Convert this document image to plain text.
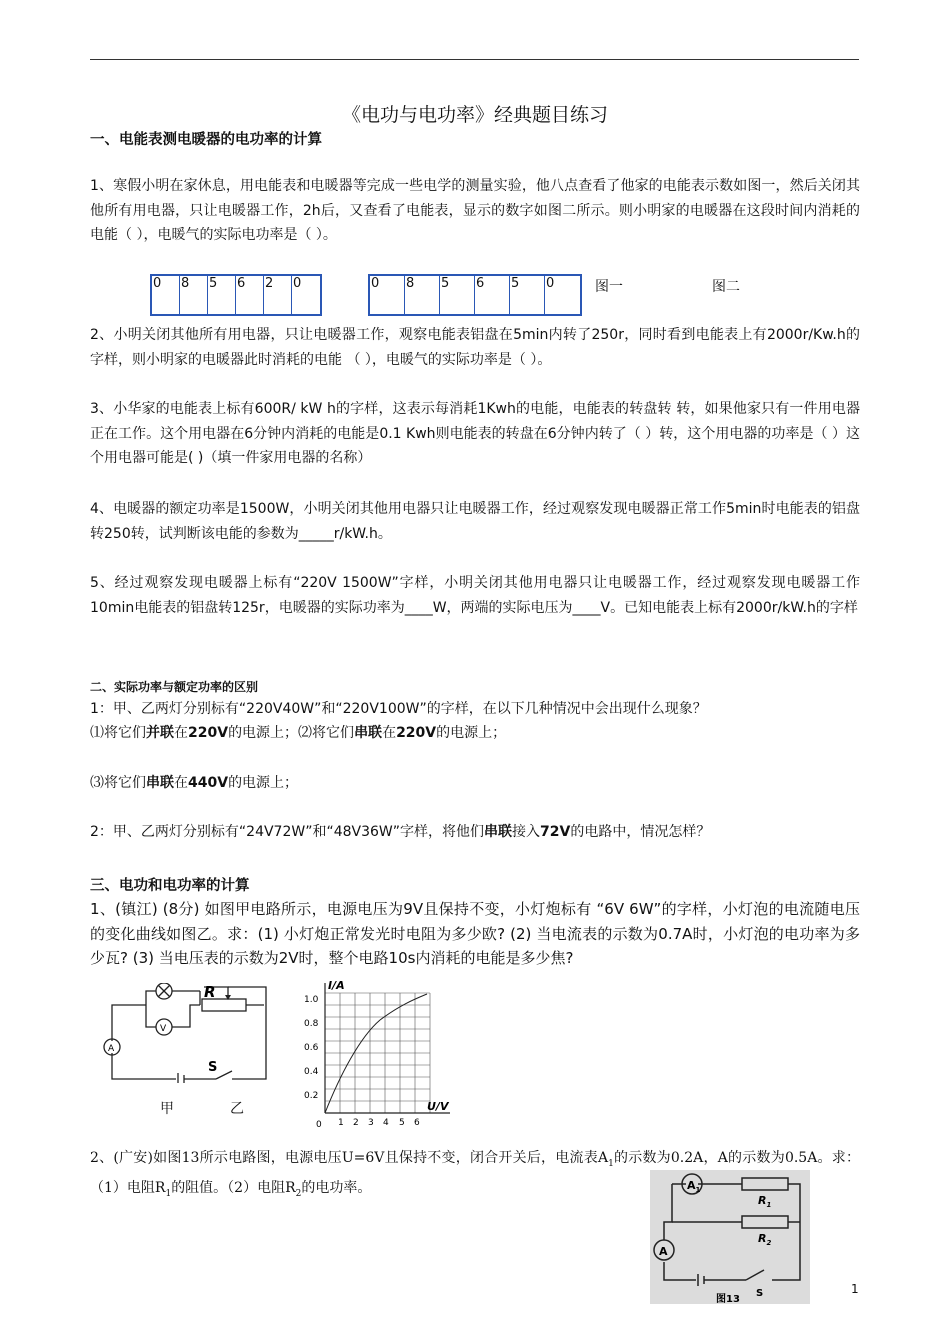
《电功与电功率》经典题目练习
一、电能表测电暖器的电功率的计算
1、寒假小明在家休息，用电能表和电暖器等完成一些电学的测量实验，他八点查看了他家的电能表示数如图一，然后关闭其他所有用电器，只让电暖器工作，2h后，又查看了电能表，显示的数字如图二所示。则小明家的电暖器在这段时间内消耗的电能（ ），电暖气的实际电功率是（ ）。
0	8	5	6	2	0	0	8	5	6	5	0	图一	图二
2、小明关闭其他所有用电器，只让电暖器工作，观察电能表铝盘在5min内转了250r，同时看到电能表上有2000r/Kw.h的字样，则小明家的电暖器此时消耗的电能 （ ），电暖气的实际功率是（ ）。
3、小华家的电能表上标有600R/ kW h的字样，这表示每消耗1Kwh的电能，电能表的转盘转 转，如果他家只有一件用电器正在工作。这个用电器在6分钟内消耗的电能是0.1 Kwh则电能表的转盘在6分钟内转了（ ）转，这个用电器的功率是（ ）这个用电器可能是( )（填一件家用电器的名称）
4、电暖器的额定功率是1500W，小明关闭其他用电器只让电暖器工作，经过观察发现电暖器正常工作5min时电能表的铝盘转250转，试判断该电能的参数为_____r/kW.h。
5、经过观察发现电暖器上标有“220V 1500W”字样，小明关闭其他用电器只让电暖器工作，经过观察发现电暖器工作10min电能表的铝盘转125r，电暖器的实际功率为____W，两端的实际电压为____V。已知电能表上标有2000r/kW.h的字样
二、实际功率与额定功率的区别
1：甲、乙两灯分别标有“220V40W”和“220V100W”的字样，在以下几种情况中会出现什么现象？
⑴将它们并联在220V的电源上；⑵将它们串联在220V的电源上；
⑶将它们串联在440V的电源上；
2：甲、乙两灯分别标有“24V72W”和“48V36W”字样，将他们串联接入72V的电路中，情况怎样？
三、电功和电功率的计算
1、(镇江) (8分) 如图甲电路所示，电源电压为9V且保持不变，小灯炮标有 “6V 6W”的字样，小灯泡的电流随电压的变化曲线如图乙。求：(1) 小灯炮正常发光时电阻为多少欧? (2) 当电流表的示数为0.7A时，小灯泡的电功率为多少瓦? (3) 当电压表的示数为2V时，整个电路10s内消耗的电能是多少焦?
R
A
V
S
甲	乙
I/A
U/V
1.0
0.8
0.6
0.4
0.2
0 1 2 3 4 5 6
2、(广安)如图13所示电路图，电源电压U=6V且保持不变，闭合开关后，电流表$A_1$的示数为0.2A，A的示数为0.5A。求：（1）电阻$R_1$的阻值。（2）电阻$R_2$的电功率。	$A_1$
A
$R_1$
$R_2$
S
图13
1
